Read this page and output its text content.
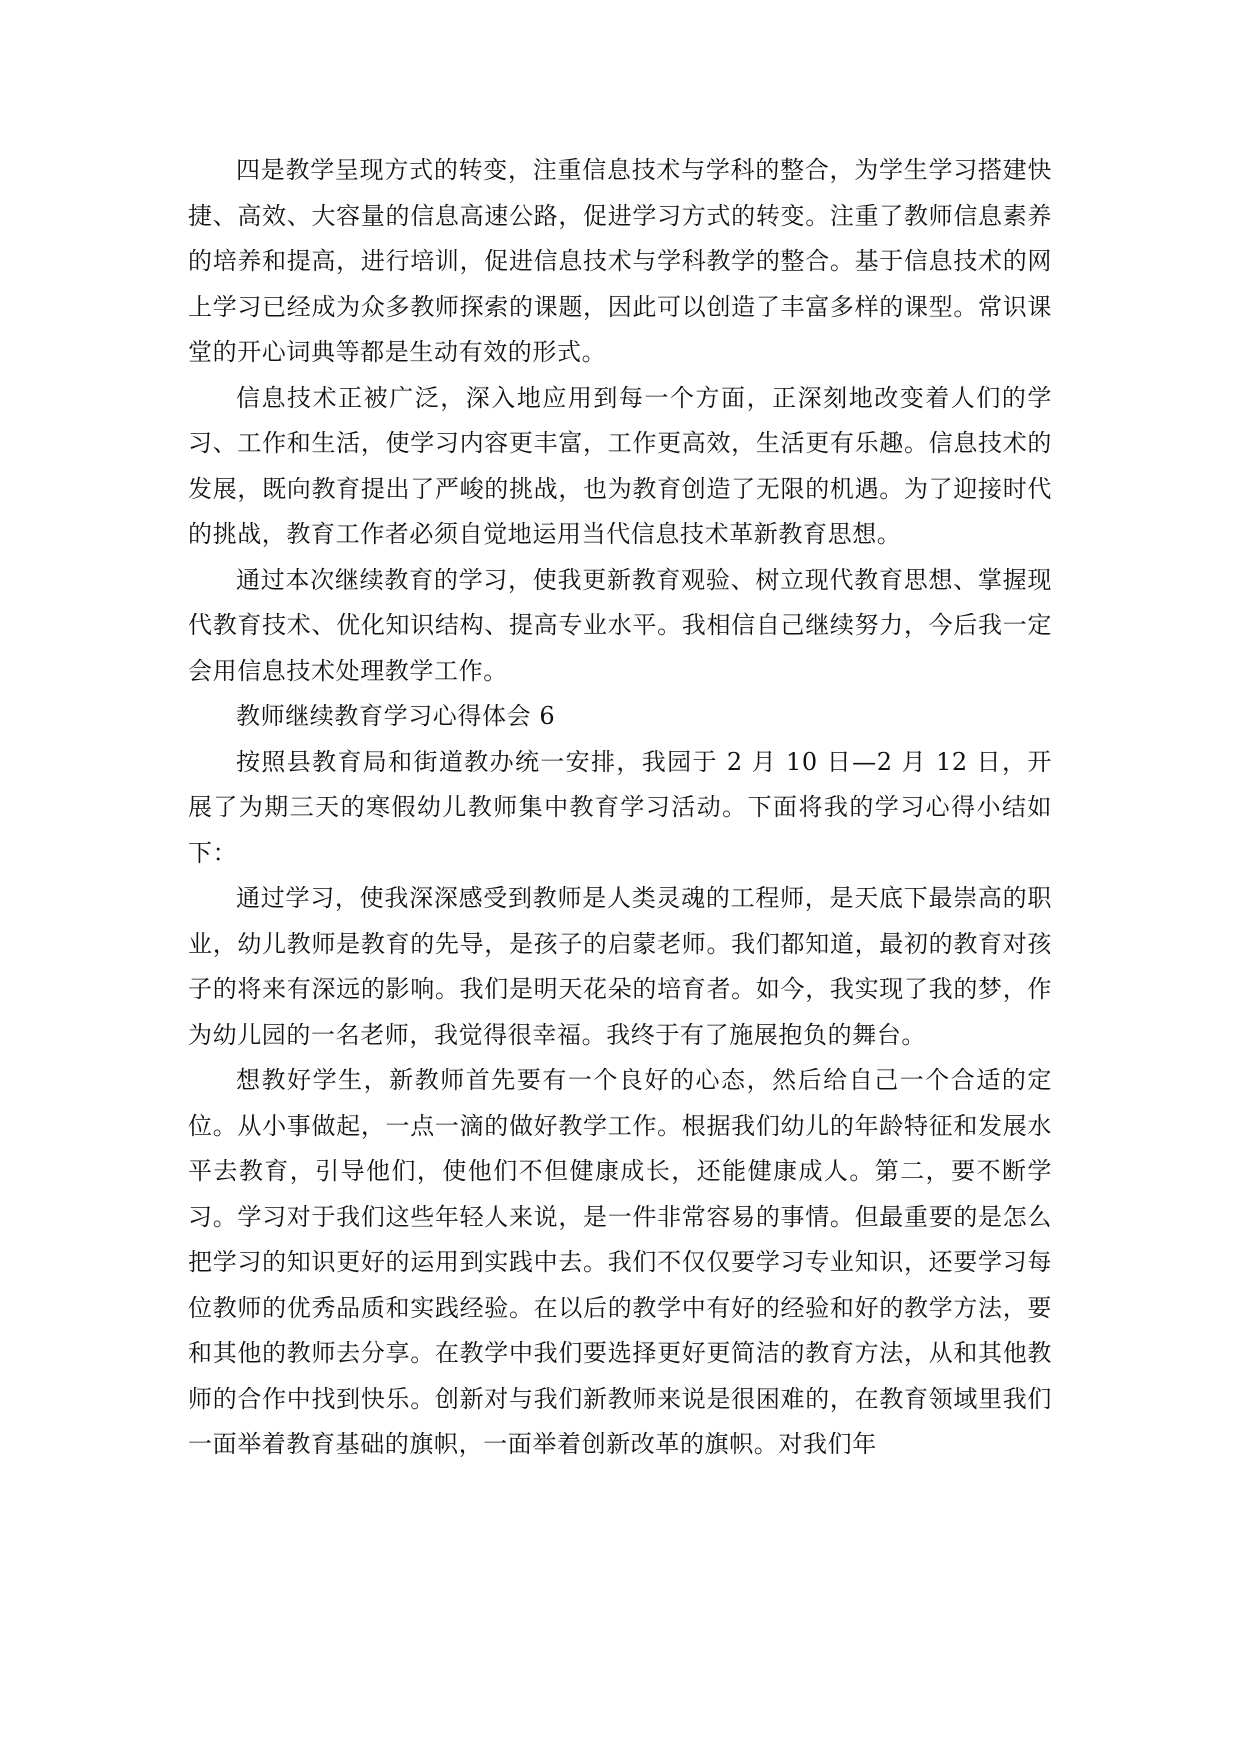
四是教学呈现方式的转变，注重信息技术与学科的整合，为学生学习搭建快捷、高效、大容量的信息高速公路，促进学习方式的转变。注重了教师信息素养的培养和提高，进行培训，促进信息技术与学科教学的整合。基于信息技术的网上学习已经成为众多教师探索的课题，因此可以创造了丰富多样的课型。常识课堂的开心词典等都是生动有效的形式。

信息技术正被广泛，深入地应用到每一个方面，正深刻地改变着人们的学习、工作和生活，使学习内容更丰富，工作更高效，生活更有乐趣。信息技术的发展，既向教育提出了严峻的挑战，也为教育创造了无限的机遇。为了迎接时代的挑战，教育工作者必须自觉地运用当代信息技术革新教育思想。

通过本次继续教育的学习，使我更新教育观验、树立现代教育思想、掌握现代教育技术、优化知识结构、提高专业水平。我相信自己继续努力，今后我一定会用信息技术处理教学工作。

教师继续教育学习心得体会 6

按照县教育局和街道教办统一安排，我园于 2 月 10 日—2 月 12 日，开展了为期三天的寒假幼儿教师集中教育学习活动。下面将我的学习心得小结如下：

通过学习，使我深深感受到教师是人类灵魂的工程师，是天底下最崇高的职业，幼儿教师是教育的先导，是孩子的启蒙老师。我们都知道，最初的教育对孩子的将来有深远的影响。我们是明天花朵的培育者。如今，我实现了我的梦，作为幼儿园的一名老师，我觉得很幸福。我终于有了施展抱负的舞台。

想教好学生，新教师首先要有一个良好的心态，然后给自己一个合适的定位。从小事做起，一点一滴的做好教学工作。根据我们幼儿的年龄特征和发展水平去教育，引导他们，使他们不但健康成长，还能健康成人。第二，要不断学习。学习对于我们这些年轻人来说，是一件非常容易的事情。但最重要的是怎么把学习的知识更好的运用到实践中去。我们不仅仅要学习专业知识，还要学习每位教师的优秀品质和实践经验。在以后的教学中有好的经验和好的教学方法，要和其他的教师去分享。在教学中我们要选择更好更简洁的教育方法，从和其他教师的合作中找到快乐。创新对与我们新教师来说是很困难的，在教育领域里我们一面举着教育基础的旗帜，一面举着创新改革的旗帜。对我们年
